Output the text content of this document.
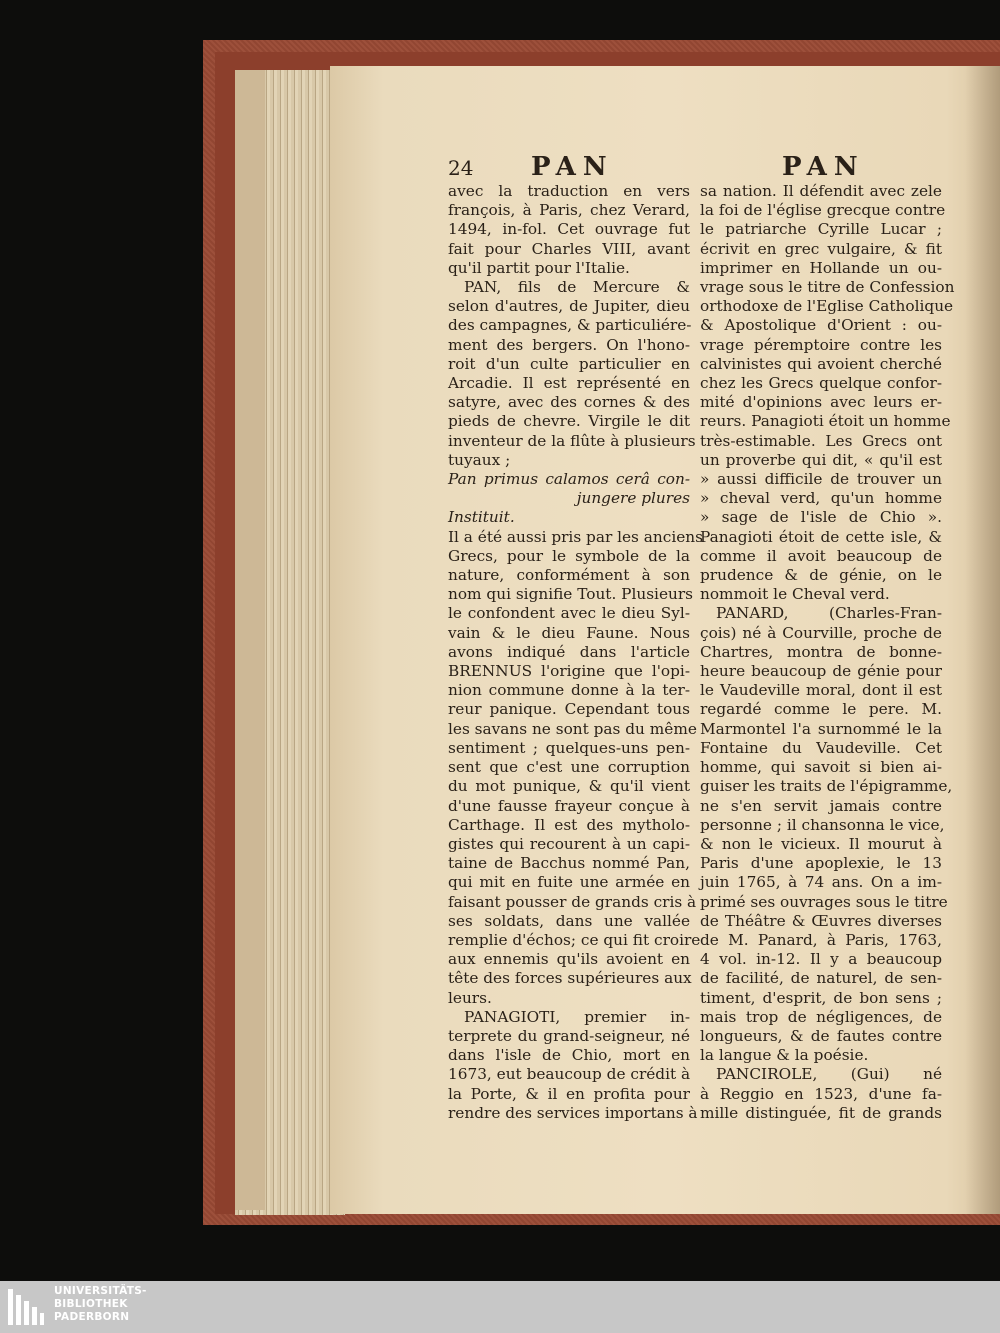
24 PAN	PAN
avec la traduction en vers
françois, à Paris, chez Verard,
1494, in-fol. Cet ouvrage fut
fait pour Charles VIII, avant
qu'il partit pour l'Italie.
PAN, fils de Mercure &
selon d'autres, de Jupiter, dieu
des campagnes, & particuliére-
ment des bergers. On l'hono-
roit d'un culte particulier en
Arcadie. Il est représenté en
satyre, avec des cornes & des
pieds de chevre. Virgile le dit
inventeur de la flûte à plusieurs
tuyaux ;
Pan primus calamos cerâ con-
jungere plures
Instituit.
Il a été aussi pris par les anciens
Grecs, pour le symbole de la
nature, conformément à son
nom qui signifie Tout. Plusieurs
le confondent avec le dieu Syl-
vain & le dieu Faune. Nous
avons indiqué dans l'article
BRENNUS l'origine que l'opi-
nion commune donne à la ter-
reur panique. Cependant tous
les savans ne sont pas du même
sentiment ; quelques-uns pen-
sent que c'est une corruption
du mot punique, & qu'il vient
d'une fausse frayeur conçue à
Carthage. Il est des mytholo-
gistes qui recourent à un capi-
taine de Bacchus nommé Pan,
qui mit en fuite une armée en
faisant pousser de grands cris à
ses soldats, dans une vallée
remplie d'échos; ce qui fit croire
aux ennemis qu'ils avoient en
tête des forces supérieures aux
leurs.
PANAGIOTI, premier in-
terprete du grand-seigneur, né
dans l'isle de Chio, mort en
1673, eut beaucoup de crédit à
la Porte, & il en profita pour
rendre des services importans à
sa nation. Il défendit avec zele
la foi de l'église grecque contre
le patriarche Cyrille Lucar ;
écrivit en grec vulgaire, & fit
imprimer en Hollande un ou-
vrage sous le titre de Confession
orthodoxe de l'Eglise Catholique
& Apostolique d'Orient : ou-
vrage péremptoire contre les
calvinistes qui avoient cherché
chez les Grecs quelque confor-
mité d'opinions avec leurs er-
reurs. Panagioti étoit un homme
très-estimable. Les Grecs ont
un proverbe qui dit, « qu'il est
» aussi difficile de trouver un
» cheval verd, qu'un homme
» sage de l'isle de Chio ».
Panagioti étoit de cette isle, &
comme il avoit beaucoup de
prudence & de génie, on le
nommoit le Cheval verd.
PANARD, (Charles-Fran-
çois) né à Courville, proche de
Chartres, montra de bonne-
heure beaucoup de génie pour
le Vaudeville moral, dont il est
regardé comme le pere. M.
Marmontel l'a surnommé le la
Fontaine du Vaudeville. Cet
homme, qui savoit si bien ai-
guiser les traits de l'épigramme,
ne s'en servit jamais contre
personne ; il chansonna le vice,
& non le vicieux. Il mourut à
Paris d'une apoplexie, le 13
juin 1765, à 74 ans. On a im-
primé ses ouvrages sous le titre
de Théâtre & Œuvres diverses
de M. Panard, à Paris, 1763,
4 vol. in-12. Il y a beaucoup
de facilité, de naturel, de sen-
timent, d'esprit, de bon sens ;
mais trop de négligences, de
longueurs, & de fautes contre
la langue & la poésie.
PANCIROLE, (Gui) né
à Reggio en 1523, d'une fa-
mille distinguée, fit de grands
UNIVERSITÄTS-
BIBLIOTHEK
PADERBORN
